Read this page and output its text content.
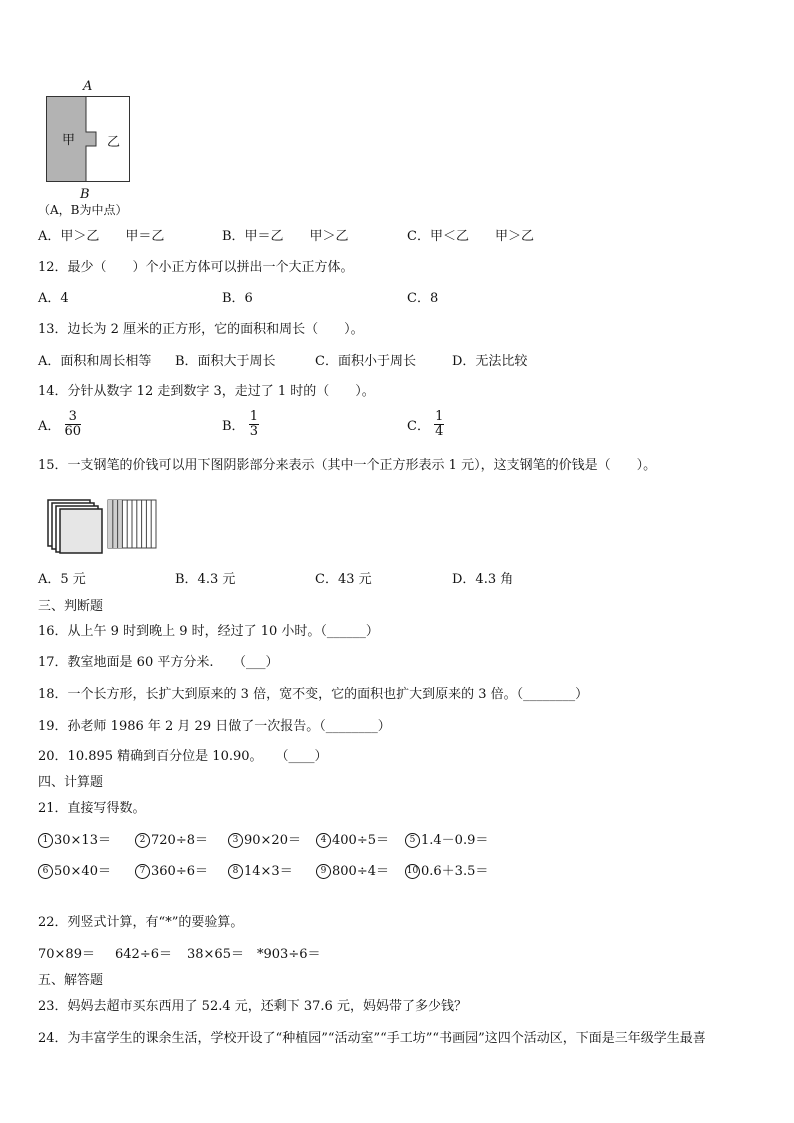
A
甲 乙
B
（A，B为中点）
A．甲＞乙　　甲＝乙	B．甲＝乙　　甲＞乙	C．甲＜乙　　甲＞乙
12．最少（　　）个小正方体可以拼出一个大正方体。
A．4	B．6	C．8
13．边长为 2 厘米的正方形，它的面积和周长（　　）。
A．面积和周长相等 B．面积大于周长	C．面积小于周长	D．无法比较
14．分针从数字 12 走到数字 3，走过了 1 时的（　　）。
A． $\frac{3}{60}$	B． $\frac{1}{3}$	C． $\frac{1}{4}$
15．一支钢笔的价钱可以用下图阴影部分来表示（其中一个正方形表示 1 元），这支钢笔的价钱是（　　）。
A．5 元	B．4.3 元	C．43 元	D．4.3 角
三、判断题
16．从上午 9 时到晚上 9 时，经过了 10 小时。（______）
17．教室地面是 60 平方分米.　　（___）
18．一个长方形，长扩大到原来的 3 倍，宽不变，它的面积也扩大到原来的 3 倍。（________）
19．孙老师 1986 年 2 月 29 日做了一次报告。（________）
20．10.895 精确到百分位是 10.90。　　（____）
四、计算题
21．直接写得数。
1 30×13＝	2 720÷8＝	3 90×20＝	4 400÷5＝	5 1.4－0.9＝
6 50×40＝	7 360÷6＝	8 14×3＝	9 800÷4＝ 10 0.6＋3.5＝
22．列竖式计算，有“*”的要验算。
70×89＝ 642÷6＝ 38×65＝ *903÷6＝
五、解答题
23．妈妈去超市买东西用了 52.4 元，还剩下 37.6 元，妈妈带了多少钱？
24．为丰富学生的课余生活，学校开设了“种植园”“活动室”“手工坊”“书画园”这四个活动区，下面是三年级学生最喜
